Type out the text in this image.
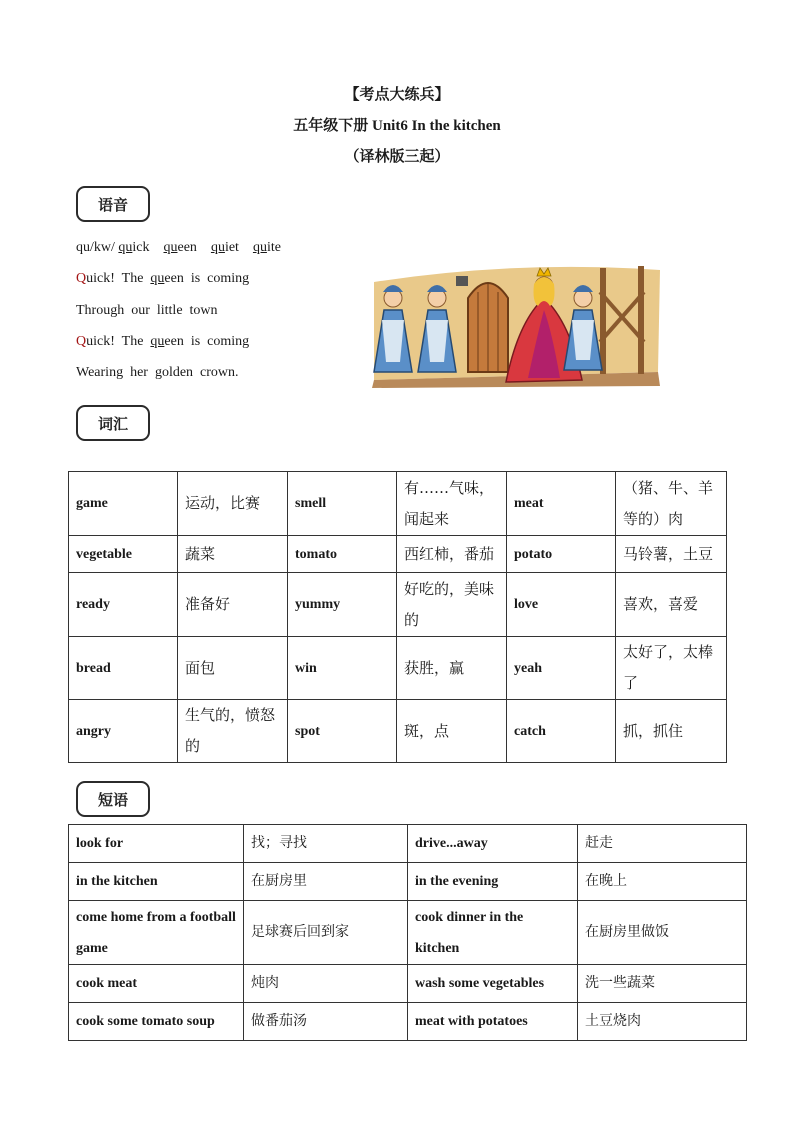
【考点大练兵】
五年级下册 Unit6 In the kitchen
（译林版三起）
语音
qu/kw/ quick queen quiet quite
Quick!  The  queen  is  coming
Through  our  little  town
Quick!  The  queen  is  coming
Wearing  her  golden  crown.
词汇
game	运动，比赛	smell	有……气味，闻起来	meat	（猪、牛、羊等的）肉
vegetable	蔬菜	tomato	西红柿，番茄	potato	马铃薯，土豆
ready	准备好	yummy	好吃的，美味的	love	喜欢，喜爱
bread	面包	win	获胜，赢	yeah	太好了，太棒了
angry	生气的，愤怒的	spot	斑，点	catch	抓，抓住
短语
look for	找；寻找	drive...away	赶走
in the kitchen	在厨房里	in the evening	在晚上
come home from a football game	足球赛后回到家	cook dinner in the kitchen	在厨房里做饭
cook meat	炖肉	wash some vegetables	洗一些蔬菜
cook some tomato soup	做番茄汤	meat with potatoes	土豆烧肉
